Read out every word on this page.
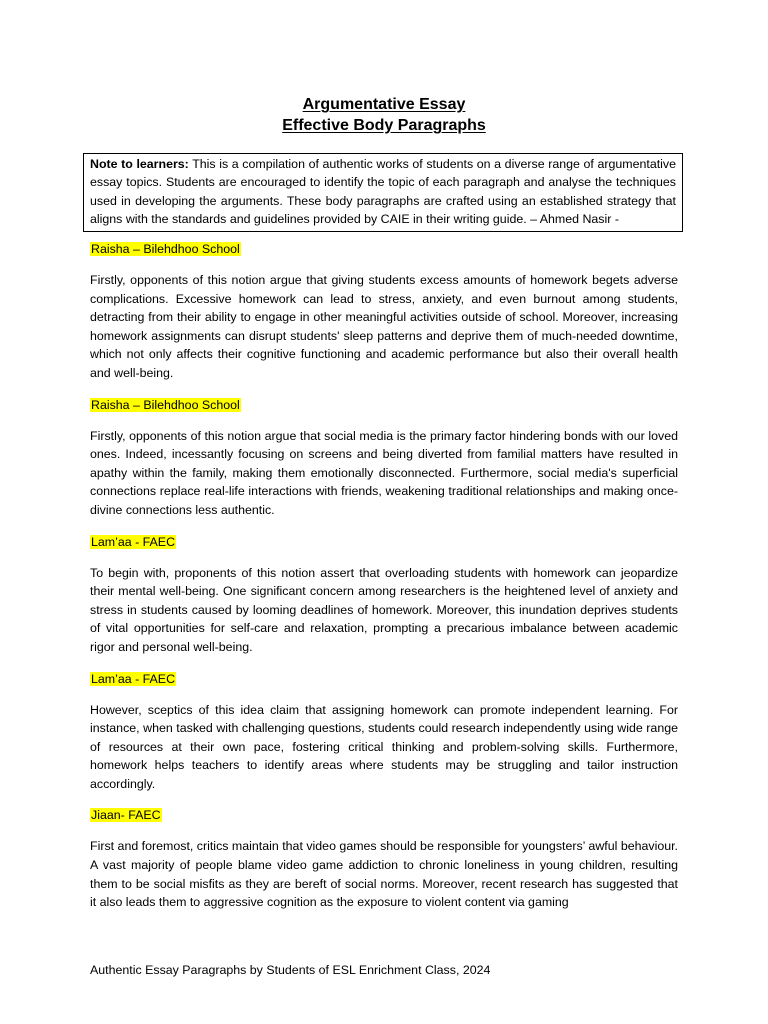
Argumentative Essay
Effective Body Paragraphs
Note to learners: This is a compilation of authentic works of students on a diverse range of argumentative essay topics. Students are encouraged to identify the topic of each paragraph and analyse the techniques used in developing the arguments. These body paragraphs are crafted using an established strategy that aligns with the standards and guidelines provided by CAIE in their writing guide. – Ahmed Nasir -
Raisha – Bilehdhoo School

Firstly, opponents of this notion argue that giving students excess amounts of homework begets adverse complications. Excessive homework can lead to stress, anxiety, and even burnout among students, detracting from their ability to engage in other meaningful activities outside of school. Moreover, increasing homework assignments can disrupt students' sleep patterns and deprive them of much-needed downtime, which not only affects their cognitive functioning and academic performance but also their overall health and well-being.

Raisha – Bilehdhoo School

Firstly, opponents of this notion argue that social media is the primary factor hindering bonds with our loved ones. Indeed, incessantly focusing on screens and being diverted from familial matters have resulted in apathy within the family, making them emotionally disconnected. Furthermore, social media's superficial connections replace real-life interactions with friends, weakening traditional relationships and making once-divine connections less authentic.

Lam’aa - FAEC

To begin with, proponents of this notion assert that overloading students with homework can jeopardize their mental well-being. One significant concern among researchers is the heightened level of anxiety and stress in students caused by looming deadlines of homework. Moreover, this inundation deprives students of vital opportunities for self-care and relaxation, prompting a precarious imbalance between academic rigor and personal well-being.

Lam’aa - FAEC

However, sceptics of this idea claim that assigning homework can promote independent learning. For instance, when tasked with challenging questions, students could research independently using wide range of resources at their own pace, fostering critical thinking and problem-solving skills. Furthermore, homework helps teachers to identify areas where students may be struggling and tailor instruction accordingly.

Jiaan- FAEC

First and foremost, critics maintain that video games should be responsible for youngsters’ awful behaviour. A vast majority of people blame video game addiction to chronic loneliness in young children, resulting them to be social misfits as they are bereft of social norms. Moreover, recent research has suggested that it also leads them to aggressive cognition as the exposure to violent content via gaming

Authentic Essay Paragraphs by Students of ESL Enrichment Class, 2024
